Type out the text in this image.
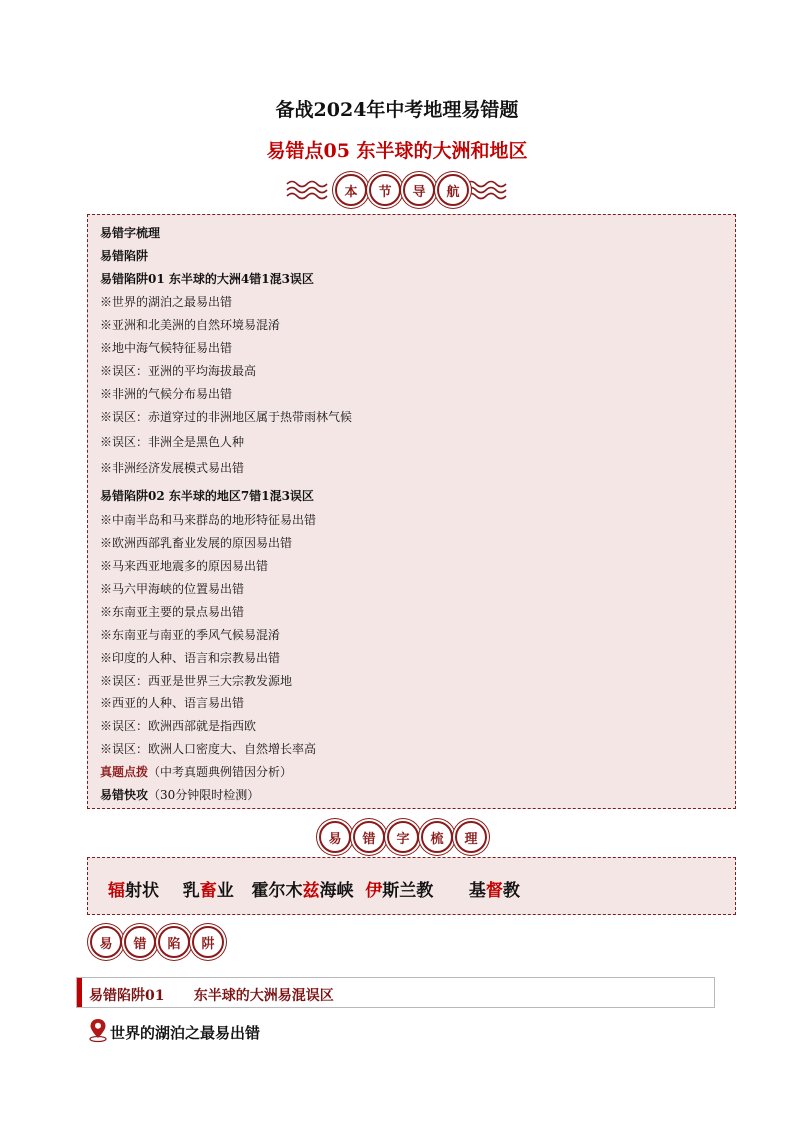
备战2024年中考地理易错题
易错点05 东半球的大洲和地区
本	节	导	航
易错字梳理
易错陷阱
易错陷阱01 东半球的大洲4错1混3误区
※世界的湖泊之最易出错
※亚洲和北美洲的自然环境易混淆
※地中海气候特征易出错
※误区：亚洲的平均海拔最高
※非洲的气候分布易出错
※误区：赤道穿过的非洲地区属于热带雨林气候
※误区：非洲全是黑色人种
※非洲经济发展模式易出错
易错陷阱02 东半球的地区7错1混3误区
※中南半岛和马来群岛的地形特征易出错
※欧洲西部乳畜业发展的原因易出错
※马来西亚地震多的原因易出错
※马六甲海峡的位置易出错
※东南亚主要的景点易出错
※东南亚与南亚的季风气候易混淆
※印度的人种、语言和宗教易出错
※误区：西亚是世界三大宗教发源地
※西亚的人种、语言易出错
※误区：欧洲西部就是指西欧
※误区：欧洲人口密度大、自然增长率高
真题点拨（中考真题典例错因分析）
易错快攻（30分钟限时检测）
易	错	字	梳	理
辐射状 乳畜业 霍尔木兹海峡 伊斯兰教 基督教
易	错	陷	阱
易错陷阱01      东半球的大洲易混误区
世界的湖泊之最易出错
